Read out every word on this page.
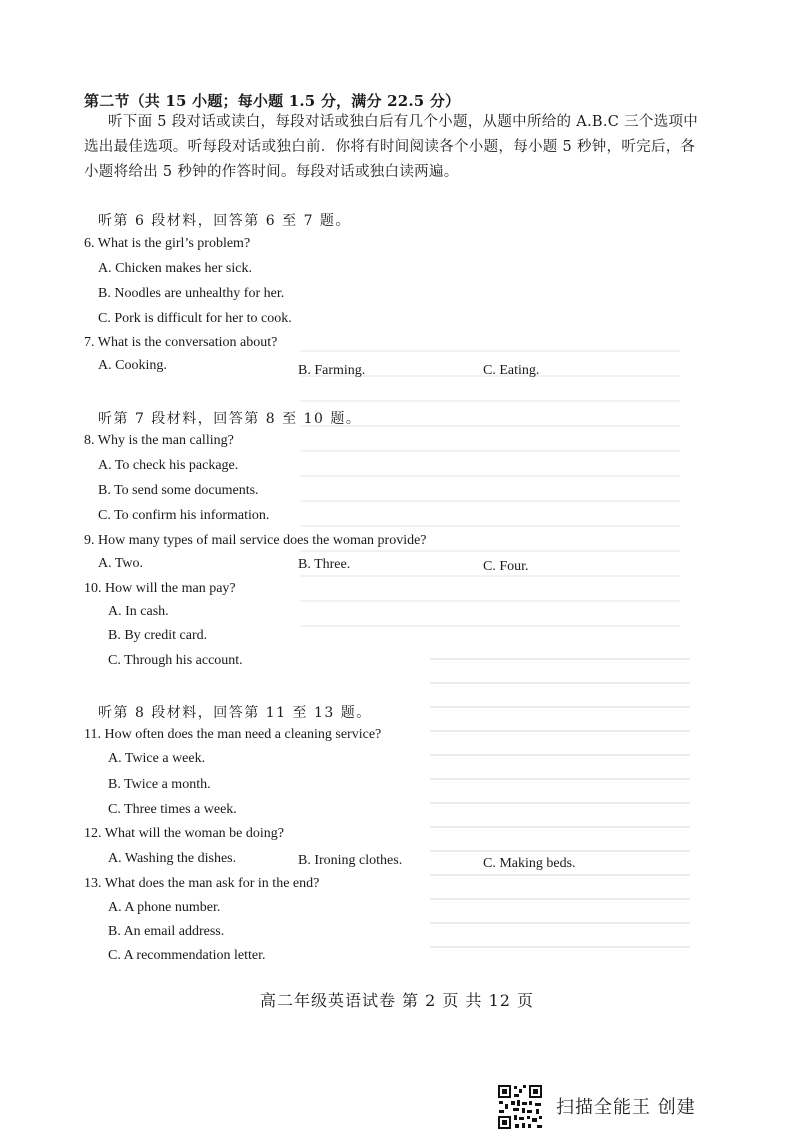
第二节（共 15 小题；每小题 1.5 分，满分 22.5 分）
听下面 5 段对话或读白，每段对话或独白后有几个小题，从题中所给的 A.B.C 三个选项中选出最佳选项。听每段对话或独白前．你将有时间阅读各个小题，每小题 5 秒钟，听完后，各小题将给出 5 秒钟的作答时间。每段对话或独白读两遍。
听第 6 段材料，回答第 6 至 7 题。
6. What is the girl’s problem?
A. Chicken makes her sick.
B. Noodles are unhealthy for her.
C. Pork is difficult for her to cook.
7. What is the conversation about?
A. Cooking.	B. Farming.	C. Eating.
听第 7 段材料，回答第 8 至 10 题。
8. Why is the man calling?
A. To check his package.
B. To send some documents.
C. To confirm his information.
9. How many types of mail service does the woman provide?
A. Two.	B. Three.	C. Four.
10. How will the man pay?
A. In cash.
B. By credit card.
C. Through his account.
听第 8 段材料，回答第 11 至 13 题。
11. How often does the man need a cleaning service?
A. Twice a week.
B. Twice a month.
C. Three times a week.
12. What will the woman be doing?
A. Washing the dishes.	B. Ironing clothes.	C. Making beds.
13. What does the man ask for in the end?
A. A phone number.
B. An email address.
C. A recommendation letter.
高二年级英语试卷 第 2 页 共 12 页
扫描全能王 创建
